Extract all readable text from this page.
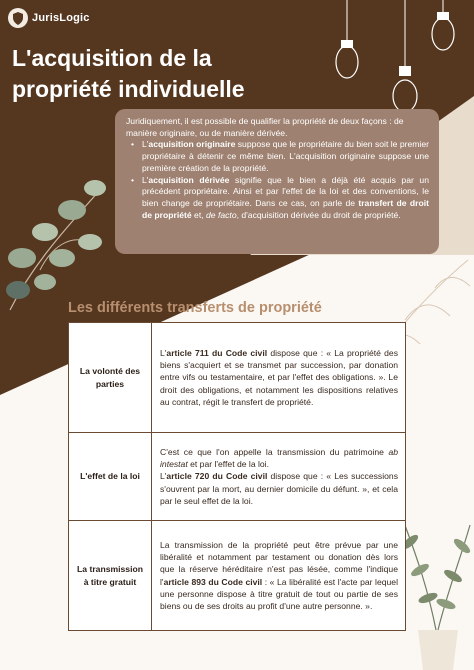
JurisLogic
L'acquisition de la propriété individuelle

Juridiquement, il est possible de qualifier la propriété de deux façons : de manière originaire, ou de manière dérivée.

• L'acquisition originaire suppose que le propriétaire du bien soit le premier propriétaire à détenir ce même bien. L'acquisition originaire suppose une première création de la propriété.
• L'acquisition dérivée signifie que le bien a déjà été acquis par un précédent propriétaire. Ainsi et par l'effet de la loi et des conventions, le bien change de propriétaire. Dans ce cas, on parle de transfert de droit de propriété et, de facto, d'acquisition dérivée du droit de propriété.
Les différents transferts de propriété
La volonté des parties	L'article 711 du Code civil dispose que : « La propriété des biens s'acquiert et se transmet par succession, par donation entre vifs ou testamentaire, et par l'effet des obligations. ». Le droit des obligations, et notamment les dispositions relatives au contrat, régit le transfert de propriété.
L'effet de la loi	C'est ce que l'on appelle la transmission du patrimoine ab intestat et par l'effet de la loi.
L'article 720 du Code civil dispose que : « Les successions s'ouvrent par la mort, au dernier domicile du défunt. », et cela par le seul effet de la loi.
La transmission à titre gratuit	La transmission de la propriété peut être prévue par une libéralité et notamment par testament ou donation dès lors que la réserve héréditaire n'est pas lésée, comme l'indique l'article 893 du Code civil : « La libéralité est l'acte par lequel une personne dispose à titre gratuit de tout ou partie de ses biens ou de ses droits au profit d'une autre personne. ».
